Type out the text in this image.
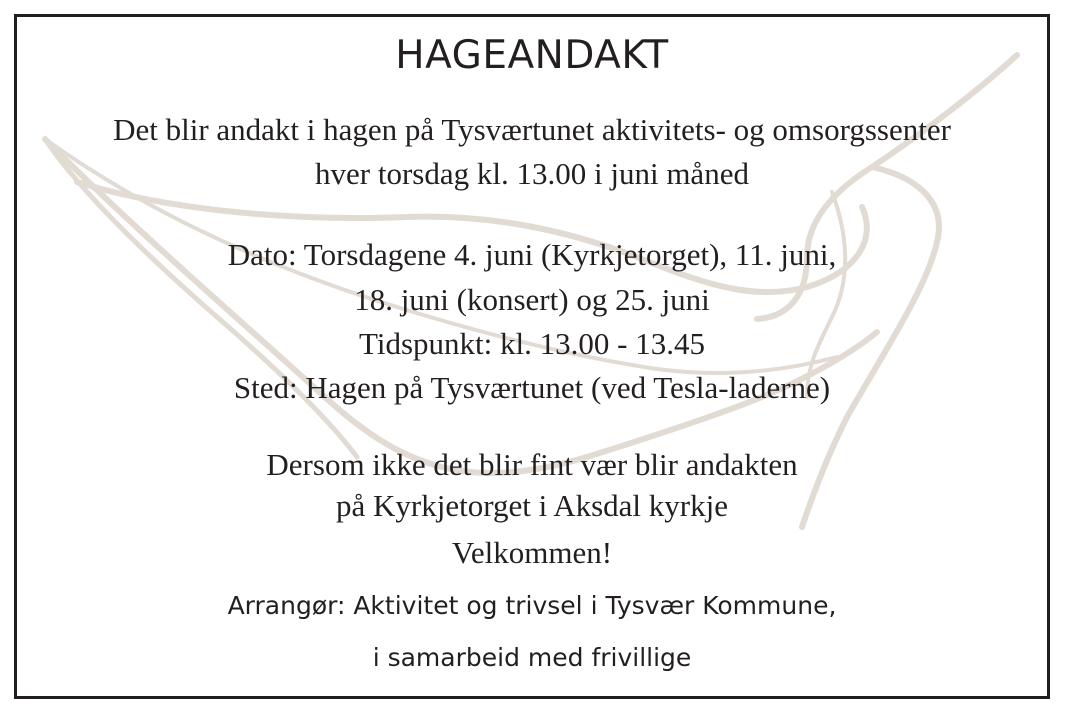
HAGEANDAKT

Det blir andakt i hagen på Tysværtunet aktivitets- og omsorgssenter

hver torsdag kl. 13.00 i juni måned

Dato: Torsdagene 4. juni (Kyrkjetorget), 11. juni,

18. juni (konsert) og 25. juni

Tidspunkt: kl. 13.00 - 13.45

Sted: Hagen på Tysværtunet (ved Tesla-laderne)

Dersom ikke det blir fint vær blir andakten

på Kyrkjetorget i Aksdal kyrkje

Velkommen!

Arrangør: Aktivitet og trivsel i Tysvær Kommune,

i samarbeid med frivillige
